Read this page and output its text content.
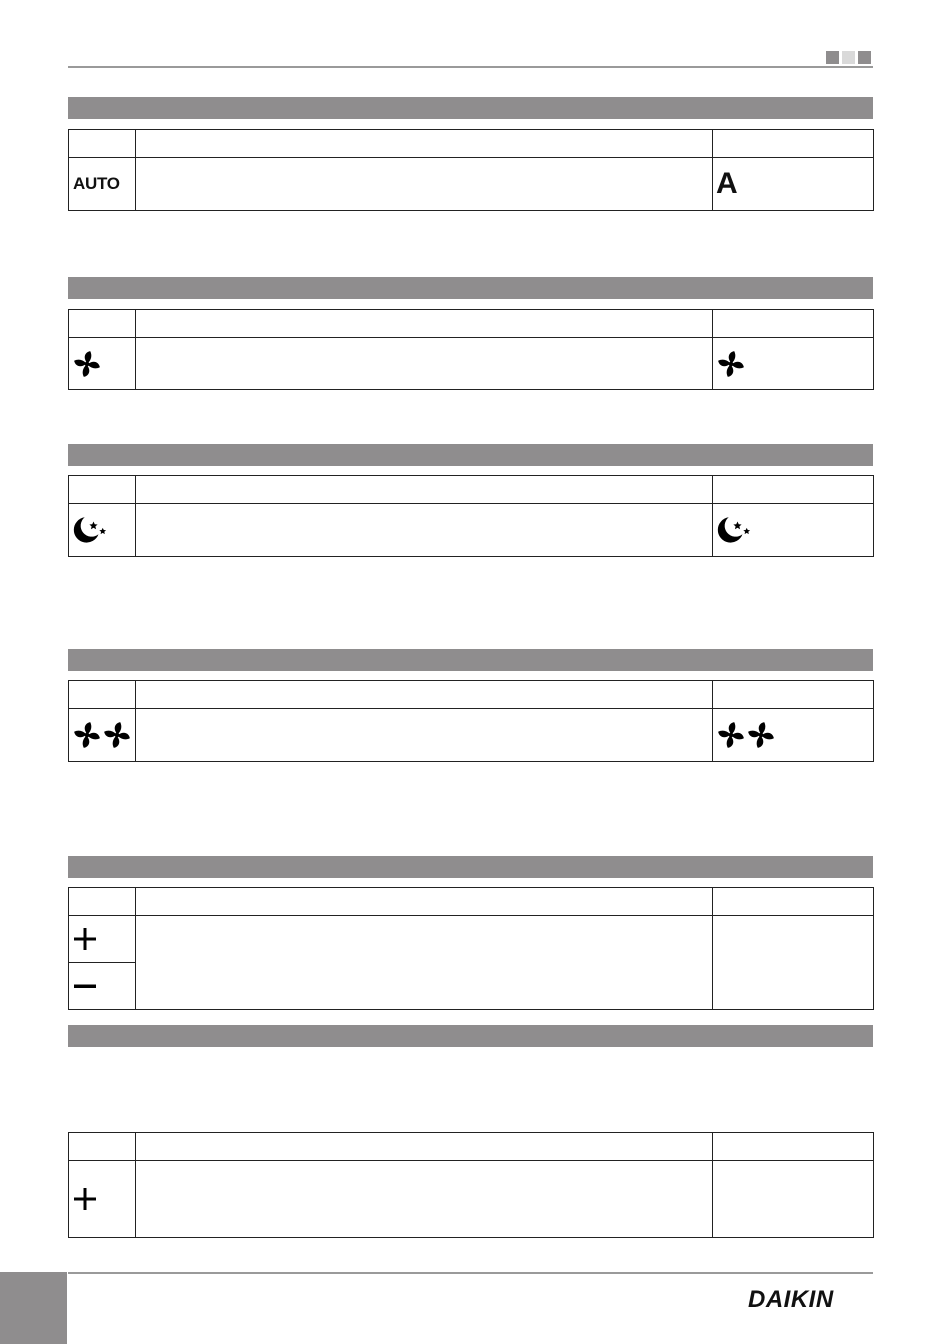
AUTO		A

DAIKIN
